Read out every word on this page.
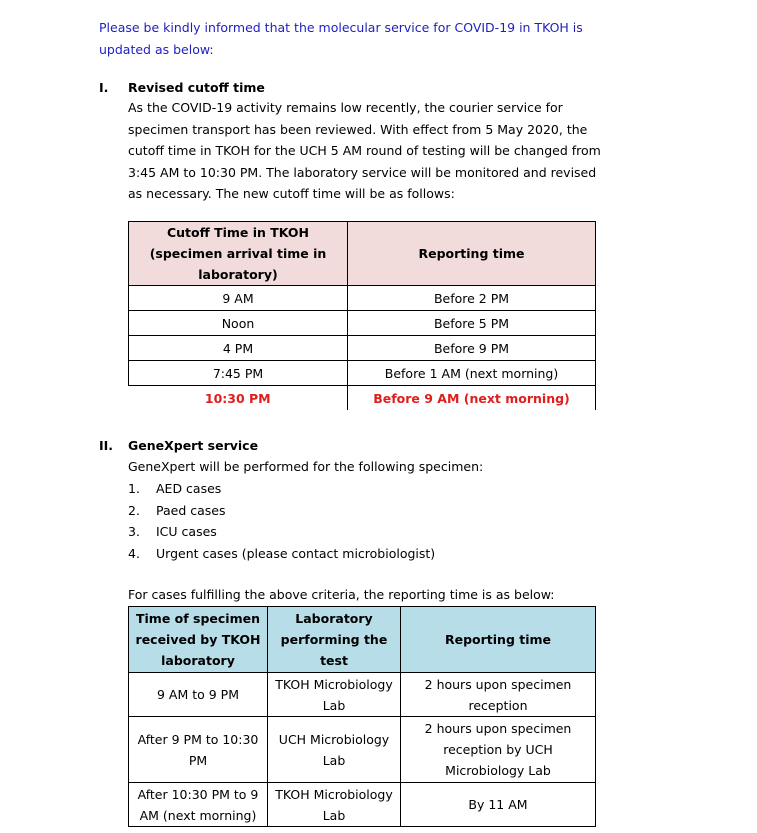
Please be kindly informed that the molecular service for COVID-19 in TKOH is updated as below:
I. Revised cutoff time
As the COVID-19 activity remains low recently, the courier service for specimen transport has been reviewed. With effect from 5 May 2020, the cutoff time in TKOH for the UCH 5 AM round of testing will be changed from 3:45 AM to 10:30 PM. The laboratory service will be monitored and revised as necessary. The new cutoff time will be as follows:
Cutoff Time in TKOH (specimen arrival time in laboratory)	Reporting time
9 AM	Before 2 PM
Noon	Before 5 PM
4 PM	Before 9 PM
7:45 PM	Before 1 AM (next morning)
10:30 PM	Before 9 AM (next morning)
II. GeneXpert service
GeneXpert will be performed for the following specimen:
1. AED cases
2. Paed cases
3. ICU cases
4. Urgent cases (please contact microbiologist)
For cases fulfilling the above criteria, the reporting time is as below:
Time of specimen received by TKOH laboratory	Laboratory performing the test	Reporting time
9 AM to 9 PM	TKOH Microbiology Lab	2 hours upon specimen reception
After 9 PM to 10:30 PM	UCH Microbiology Lab	2 hours upon specimen reception by UCH Microbiology Lab
After 10:30 PM to 9 AM (next morning)	TKOH Microbiology Lab	By 11 AM
